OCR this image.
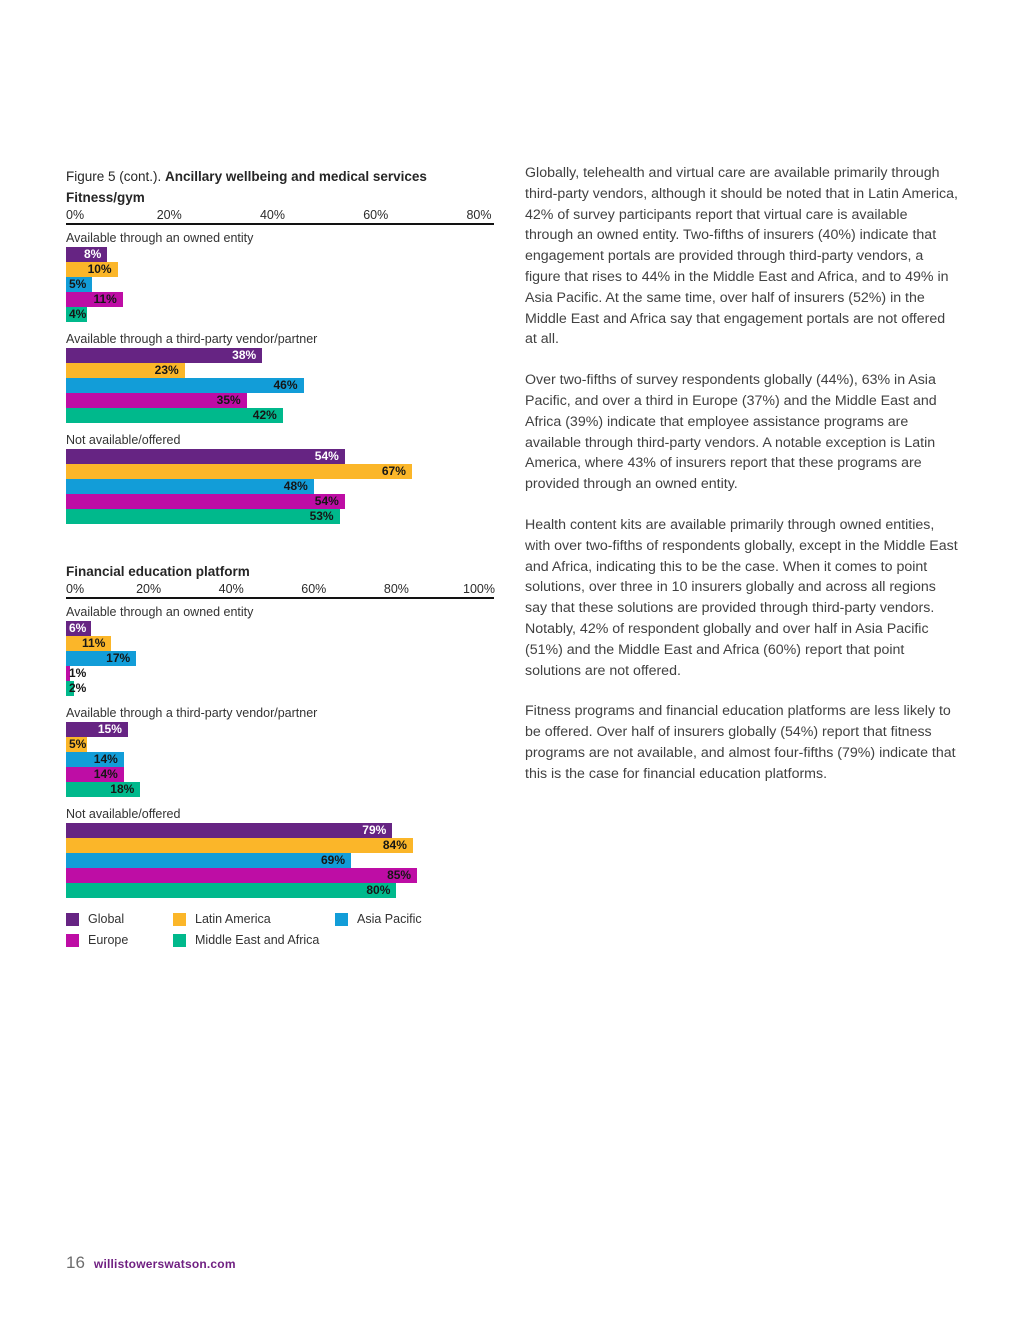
Figure 5 (cont.). Ancillary wellbeing and medical services
Fitness/gym
0%	20%	40%	60%	80%
Available through an owned entity
8%
10%
5%
11%
4%
Available through a third-party vendor/partner
38%
23%
46%
35%
42%
Not available/offered
54%
67%
48%
54%
53%
Financial education platform
0%	20%	40%	60%	80%	100%
Available through an owned entity
6%
11%
17%
1%
2%
Available through a third-party vendor/partner
15%
5%
14%
14%
18%
Not available/offered
79%
84%
69%
85%
80%
Global	Latin America	Asia Pacific
Europe	Middle East and Africa
Globally, telehealth and virtual care are available primarily through third-party vendors, although it should be noted that in Latin America, 42% of survey participants report that virtual care is available through an owned entity. Two-fifths of insurers (40%) indicate that engagement portals are provided through third-party vendors, a figure that rises to 44% in the Middle East and Africa, and to 49% in Asia Pacific. At the same time, over half of insurers (52%) in the Middle East and Africa say that engagement portals are not offered at all.
Over two-fifths of survey respondents globally (44%), 63% in Asia Pacific, and over a third in Europe (37%) and the Middle East and Africa (39%) indicate that employee assistance programs are available through third-party vendors. A notable exception is Latin America, where 43% of insurers report that these programs are provided through an owned entity.
Health content kits are available primarily through owned entities, with over two-fifths of respondents globally, except in the Middle East and Africa, indicating this to be the case. When it comes to point solutions, over three in 10 insurers globally and across all regions say that these solutions are provided through third-party vendors. Notably, 42% of respondent globally and over half in Asia Pacific (51%) and the Middle East and Africa (60%) report that point solutions are not offered.
Fitness programs and financial education platforms are less likely to be offered. Over half of insurers globally (54%) report that fitness programs are not available, and almost four-fifths (79%) indicate that this is the case for financial education platforms.
16 willistowerswatson.com
